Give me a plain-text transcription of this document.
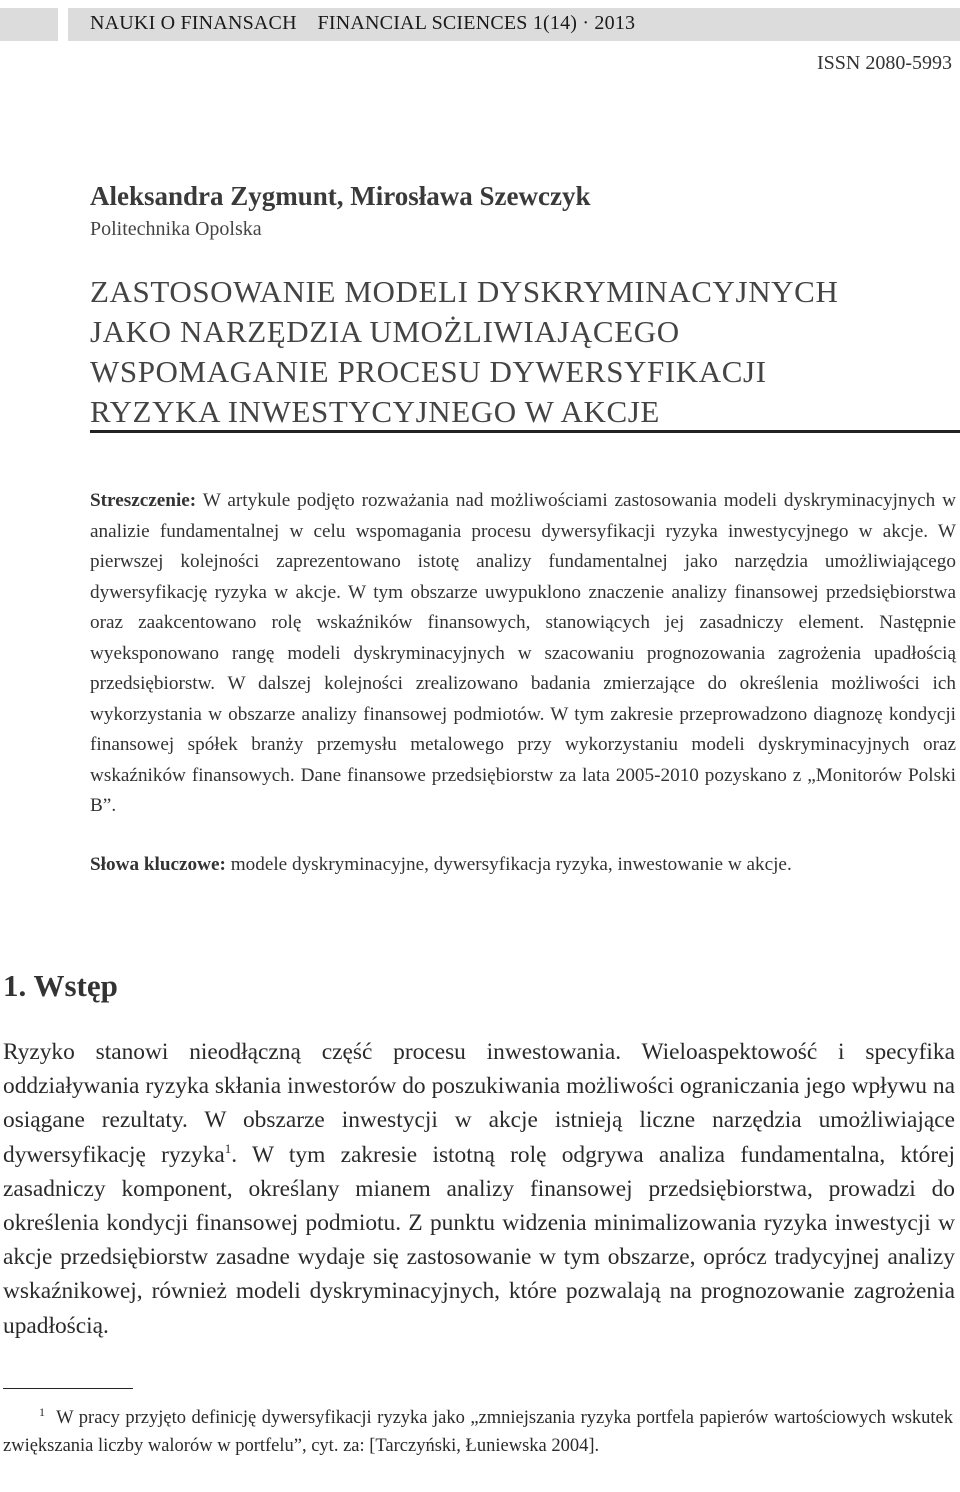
NAUKI O FINANSACH    FINANCIAL SCIENCES 1(14) · 2013
ISSN 2080-5993
Aleksandra Zygmunt, Mirosława Szewczyk
Politechnika Opolska
ZASTOSOWANIE MODELI DYSKRYMINACYJNYCH
JAKO NARZĘDZIA UMOŻLIWIAJĄCEGO
WSPOMAGANIE PROCESU DYWERSYFIKACJI
RYZYKA INWESTYCYJNEGO W AKCJE
Streszczenie: W artykule podjęto rozważania nad możliwościami zastosowania modeli dyskryminacyjnych w analizie fundamentalnej w celu wspomagania procesu dywersyfikacji ryzyka inwestycyjnego w akcje. W pierwszej kolejności zaprezentowano istotę analizy fundamentalnej jako narzędzia umożliwiającego dywersyfikację ryzyka w akcje. W tym obszarze uwypuklono znaczenie analizy finansowej przedsiębiorstwa oraz zaakcentowano rolę wskaźników finansowych, stanowiących jej zasadniczy element. Następnie wyeksponowano rangę modeli dyskryminacyjnych w szacowaniu prognozowania zagrożenia upadłością przedsiębiorstw. W dalszej kolejności zrealizowano badania zmierzające do określenia możliwości ich wykorzystania w obszarze analizy finansowej podmiotów. W tym zakresie przeprowadzono diagnozę kondycji finansowej spółek branży przemysłu metalowego przy wykorzystaniu modeli dyskryminacyjnych oraz wskaźników finansowych. Dane finansowe przedsiębiorstw za lata 2005-2010 pozyskano z „Monitorów Polski B”.
Słowa kluczowe: modele dyskryminacyjne, dywersyfikacja ryzyka, inwestowanie w akcje.
1. Wstęp
Ryzyko stanowi nieodłączną część procesu inwestowania. Wieloaspektowość i specyfika oddziaływania ryzyka skłania inwestorów do poszukiwania możliwości ograniczania jego wpływu na osiągane rezultaty. W obszarze inwestycji w akcje istnieją liczne narzędzia umożliwiające dywersyfikację ryzyka$^1$. W tym zakresie istotną rolę odgrywa analiza fundamentalna, której zasadniczy komponent, określany mianem analizy finansowej przedsiębiorstwa, prowadzi do określenia kondycji finansowej podmiotu. Z punktu widzenia minimalizowania ryzyka inwestycji w akcje przedsiębiorstw zasadne wydaje się zastosowanie w tym obszarze, oprócz tradycyjnej analizy wskaźnikowej, również modeli dyskryminacyjnych, które pozwalają na prognozowanie zagrożenia upadłością.
$^1$ W pracy przyjęto definicję dywersyfikacji ryzyka jako „zmniejszania ryzyka portfela papierów wartościowych wskutek zwiększania liczby walorów w portfelu”, cyt. za: [Tarczyński, Łuniewska 2004].
